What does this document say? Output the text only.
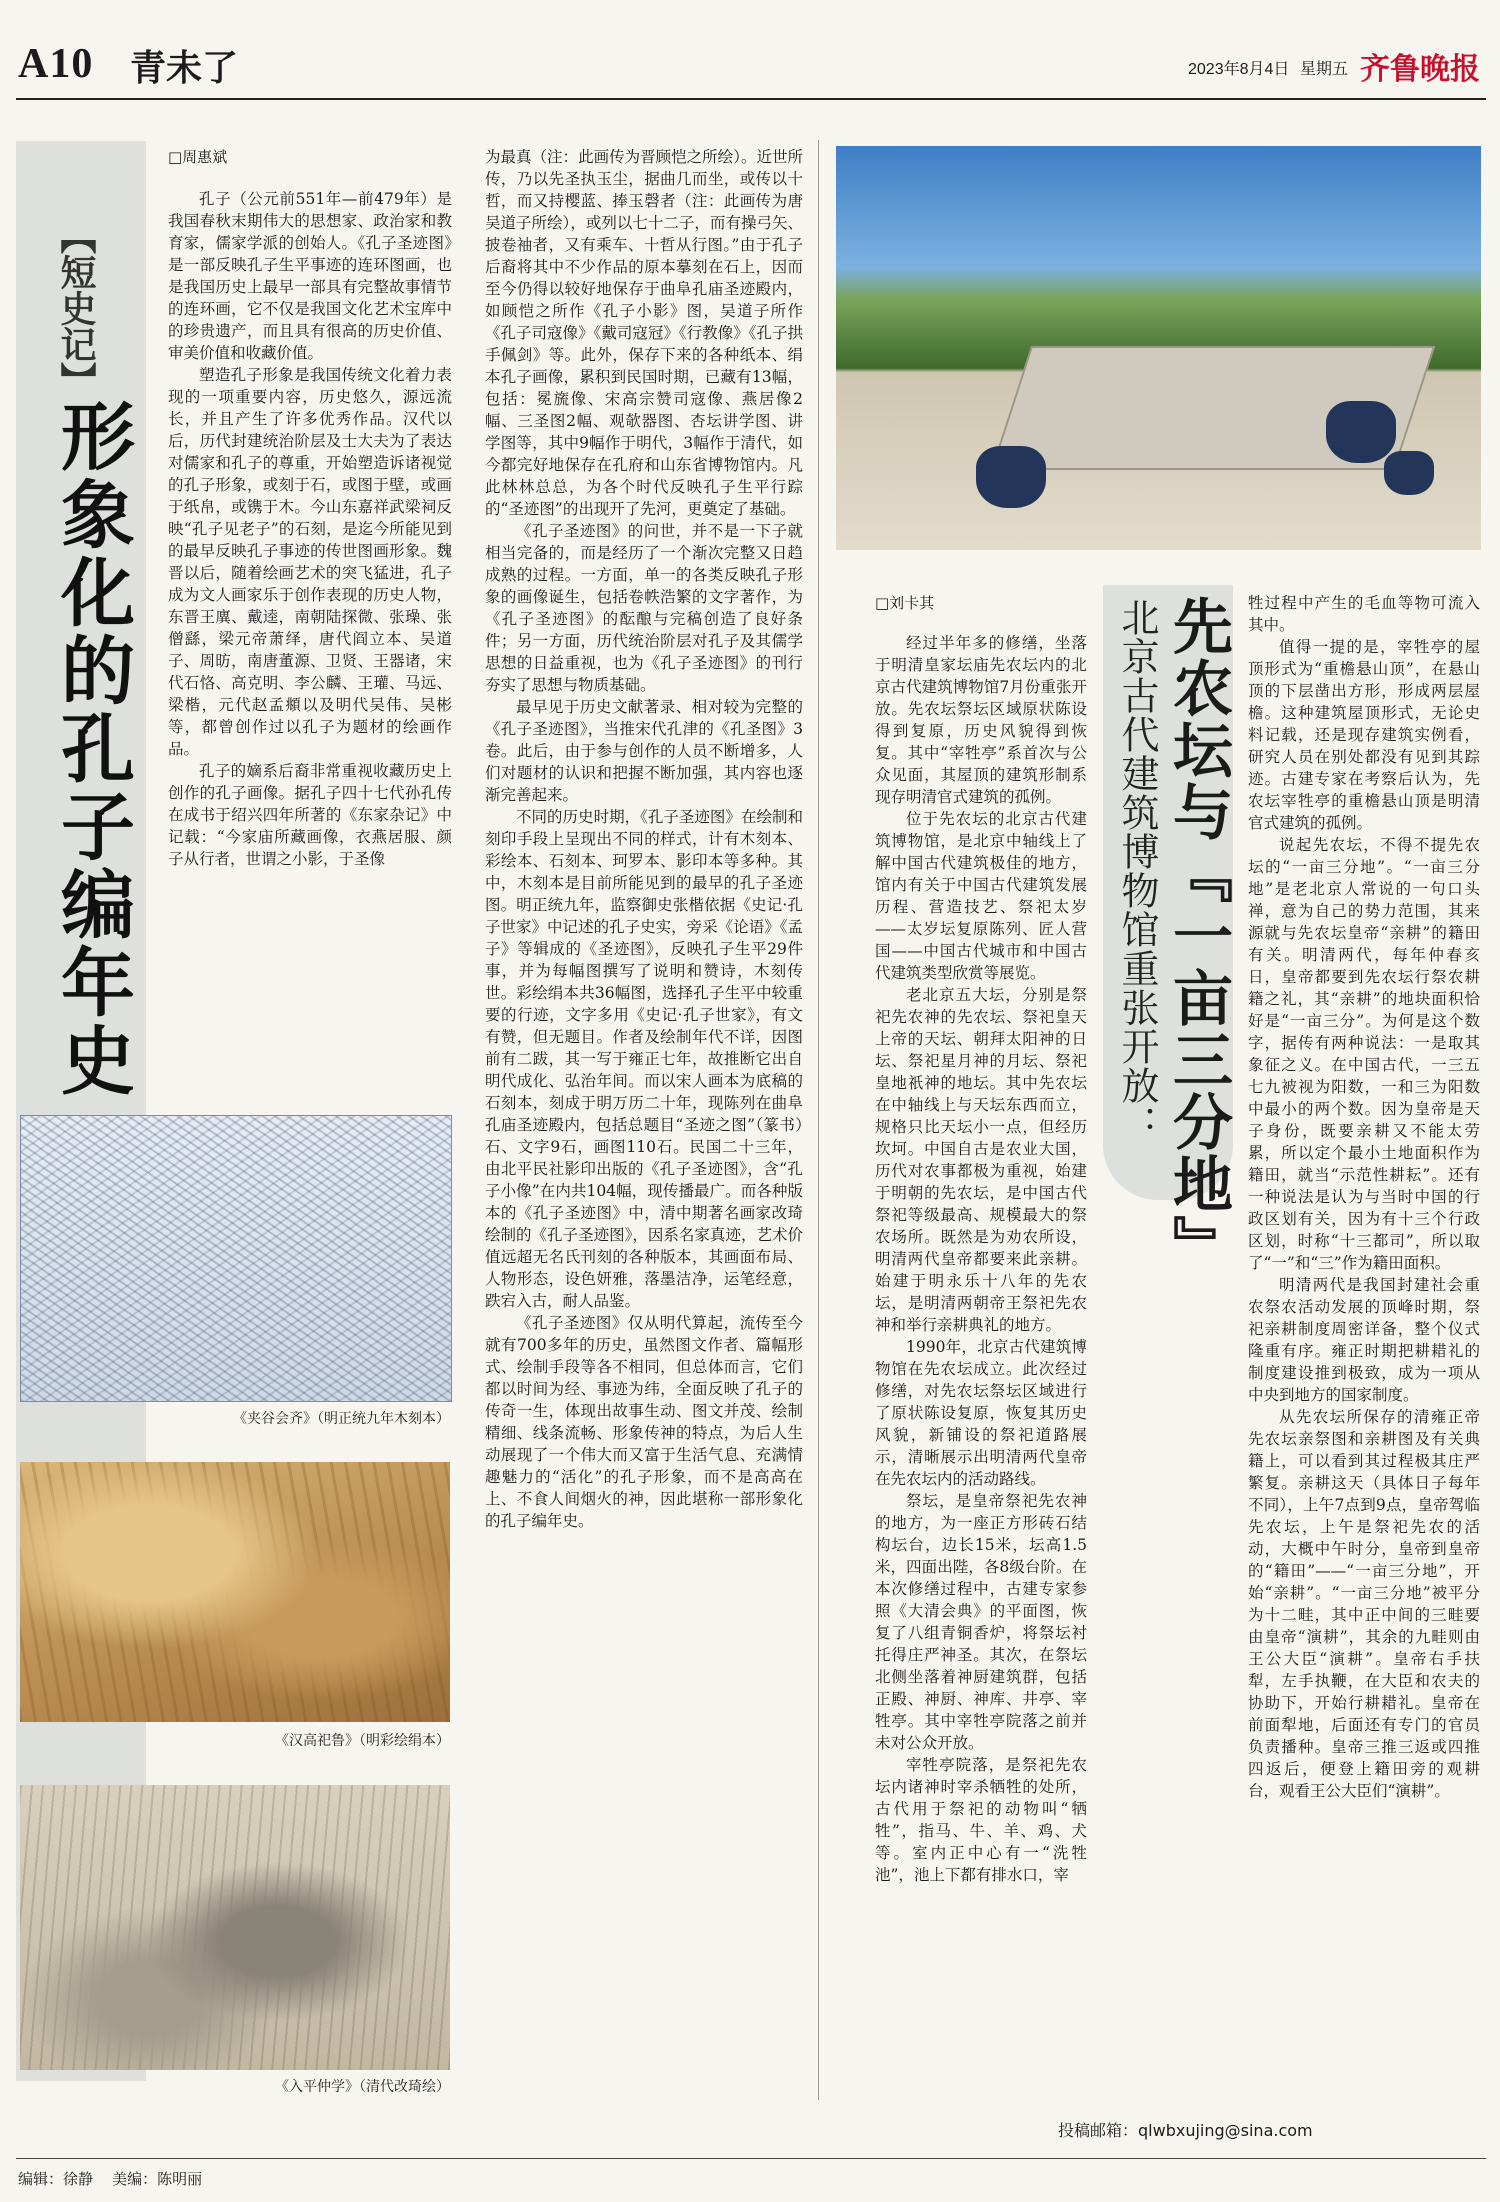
A10 青未了	2023年8月4日 星期五 齐鲁晚报
【短史记】
形象化的孔子编年史
□周惠斌

孔子（公元前551年—前479年）是我国春秋末期伟大的思想家、政治家和教育家，儒家学派的创始人。《孔子圣迹图》是一部反映孔子生平事迹的连环图画，也是我国历史上最早一部具有完整故事情节的连环画，它不仅是我国文化艺术宝库中的珍贵遗产，而且具有很高的历史价值、审美价值和收藏价值。

塑造孔子形象是我国传统文化着力表现的一项重要内容，历史悠久，源远流长，并且产生了许多优秀作品。汉代以后，历代封建统治阶层及士大夫为了表达对儒家和孔子的尊重，开始塑造诉诸视觉的孔子形象，或刻于石，或图于壁，或画于纸帛，或镌于木。今山东嘉祥武梁祠反映“孔子见老子”的石刻，是迄今所能见到的最早反映孔子事迹的传世图画形象。魏晋以后，随着绘画艺术的突飞猛进，孔子成为文人画家乐于创作表现的历史人物，东晋王廙、戴逵，南朝陆探微、张璪、张僧繇，梁元帝萧绎，唐代阎立本、吴道子、周昉，南唐董源、卫贤、王器诸，宋代石恪、高克明、李公麟、王瓘、马远、梁楷，元代赵孟頫以及明代吴伟、吴彬等，都曾创作过以孔子为题材的绘画作品。

孔子的嫡系后裔非常重视收藏历史上创作的孔子画像。据孔子四十七代孙孔传在成书于绍兴四年所著的《东家杂记》中记载：“今家庙所藏画像，衣燕居服、颜子从行者，世谓之小影，于圣像

《夹谷会齐》（明正统九年木刻本）
《汉高祀鲁》（明彩绘绢本）
《入平仲学》（清代改琦绘）

为最真（注：此画传为晋顾恺之所绘）。近世所传，乃以先圣执玉尘，据曲几而坐，或传以十哲，而又持樱蓝、捧玉磬者（注：此画传为唐吴道子所绘），或列以七十二子，而有操弓矢、披卷袖者，又有乘车、十哲从行图。”由于孔子后裔将其中不少作品的原本摹刻在石上，因而至今仍得以较好地保存于曲阜孔庙圣迹殿内，如顾恺之所作《孔子小影》图，吴道子所作《孔子司寇像》《戴司寇冠》《行教像》《孔子拱手佩剑》等。此外，保存下来的各种纸本、绢本孔子画像，累积到民国时期，已藏有13幅，包括：冕旒像、宋高宗赞司寇像、燕居像2幅、三圣图2幅、观欹器图、杏坛讲学图、讲学图等，其中9幅作于明代，3幅作于清代，如今都完好地保存在孔府和山东省博物馆内。凡此林林总总，为各个时代反映孔子生平行踪的“圣迹图”的出现开了先河，更奠定了基础。

《孔子圣迹图》的问世，并不是一下子就相当完备的，而是经历了一个渐次完整又日趋成熟的过程。一方面，单一的各类反映孔子形象的画像诞生，包括卷帙浩繁的文字著作，为《孔子圣迹图》的酝酿与完稿创造了良好条件；另一方面，历代统治阶层对孔子及其儒学思想的日益重视，也为《孔子圣迹图》的刊行夯实了思想与物质基础。

最早见于历史文献著录、相对较为完整的《孔子圣迹图》，当推宋代孔津的《孔圣图》3卷。此后，由于参与创作的人员不断增多，人们对题材的认识和把握不断加强，其内容也逐渐完善起来。

不同的历史时期，《孔子圣迹图》在绘制和刻印手段上呈现出不同的样式，计有木刻本、彩绘本、石刻本、珂罗本、影印本等多种。其中，木刻本是目前所能见到的最早的孔子圣迹图。明正统九年，监察御史张楷依据《史记·孔子世家》中记述的孔子史实，旁采《论语》《孟子》等辑成的《圣迹图》，反映孔子生平29件事，并为每幅图撰写了说明和赞诗，木刻传世。彩绘绢本共36幅图，选择孔子生平中较重要的行迹，文字多用《史记·孔子世家》，有文有赞，但无题目。作者及绘制年代不详，因图前有二跋，其一写于雍正七年，故推断它出自明代成化、弘治年间。而以宋人画本为底稿的石刻本，刻成于明万历二十年，现陈列在曲阜孔庙圣迹殿内，包括总题目“圣迹之图”（篆书）石、文字9石，画图110石。民国二十三年，由北平民社影印出版的《孔子圣迹图》，含“孔子小像”在内共104幅，现传播最广。而各种版本的《孔子圣迹图》中，清中期著名画家改琦绘制的《孔子圣迹图》，因系名家真迹，艺术价值远超无名氏刊刻的各种版本，其画面布局、人物形态，设色妍雅，落墨洁净，运笔经意，跌宕入古，耐人品鉴。

《孔子圣迹图》仅从明代算起，流传至今就有700多年的历史，虽然图文作者、篇幅形式、绘制手段等各不相同，但总体而言，它们都以时间为经、事迹为纬，全面反映了孔子的传奇一生，体现出故事生动、图文并茂、绘制精细、线条流畅、形象传神的特点，为后人生动展现了一个伟大而又富于生活气息、充满情趣魅力的“活化”的孔子形象，而不是高高在上、不食人间烟火的神，因此堪称一部形象化的孔子编年史。

先农坛与『一亩三分地』
北京古代建筑博物馆重张开放：
□刘卡其

经过半年多的修缮，坐落于明清皇家坛庙先农坛内的北京古代建筑博物馆7月份重张开放。先农坛祭坛区域原状陈设得到复原，历史风貌得到恢复。其中“宰牲亭”系首次与公众见面，其屋顶的建筑形制系现存明清官式建筑的孤例。

位于先农坛的北京古代建筑博物馆，是北京中轴线上了解中国古代建筑极佳的地方，馆内有关于中国古代建筑发展历程、营造技艺、祭祀太岁——太岁坛复原陈列、匠人营国——中国古代城市和中国古代建筑类型欣赏等展览。

老北京五大坛，分别是祭祀先农神的先农坛、祭祀皇天上帝的天坛、朝拜太阳神的日坛、祭祀星月神的月坛、祭祀皇地祇神的地坛。其中先农坛在中轴线上与天坛东西而立，规格只比天坛小一点，但经历坎坷。中国自古是农业大国，历代对农事都极为重视，始建于明朝的先农坛，是中国古代祭祀等级最高、规模最大的祭农场所。既然是为劝农所设，明清两代皇帝都要来此亲耕。始建于明永乐十八年的先农坛，是明清两朝帝王祭祀先农神和举行亲耕典礼的地方。

1990年，北京古代建筑博物馆在先农坛成立。此次经过修缮，对先农坛祭坛区域进行了原状陈设复原，恢复其历史风貌，新铺设的祭祀道路展示，清晰展示出明清两代皇帝在先农坛内的活动路线。

祭坛，是皇帝祭祀先农神的地方，为一座正方形砖石结构坛台，边长15米，坛高1.5米，四面出陛，各8级台阶。在本次修缮过程中，古建专家参照《大清会典》的平面图，恢复了八组青铜香炉，将祭坛衬托得庄严神圣。其次，在祭坛北侧坐落着神厨建筑群，包括正殿、神厨、神库、井亭、宰牲亭。其中宰牲亭院落之前并未对公众开放。

宰牲亭院落，是祭祀先农坛内诸神时宰杀牺牲的处所，古代用于祭祀的动物叫“牺牲”，指马、牛、羊、鸡、犬等。室内正中心有一“洗牲池”，池上下都有排水口，宰

牲过程中产生的毛血等物可流入其中。

值得一提的是，宰牲亭的屋顶形式为“重檐悬山顶”，在悬山顶的下层凿出方形，形成两层屋檐。这种建筑屋顶形式，无论史料记载，还是现存建筑实例看，研究人员在别处都没有见到其踪迹。古建专家在考察后认为，先农坛宰牲亭的重檐悬山顶是明清官式建筑的孤例。

说起先农坛，不得不提先农坛的“一亩三分地”。“一亩三分地”是老北京人常说的一句口头禅，意为自己的势力范围，其来源就与先农坛皇帝“亲耕”的籍田有关。明清两代，每年仲春亥日，皇帝都要到先农坛行祭农耕籍之礼，其“亲耕”的地块面积恰好是“一亩三分”。为何是这个数字，据传有两种说法：一是取其象征之义。在中国古代，一三五七九被视为阳数，一和三为阳数中最小的两个数。因为皇帝是天子身份，既要亲耕又不能太劳累，所以定个最小土地面积作为籍田，就当“示范性耕耘”。还有一种说法是认为与当时中国的行政区划有关，因为有十三个行政区划，时称“十三都司”，所以取了“一”和“三”作为籍田面积。

明清两代是我国封建社会重农祭农活动发展的顶峰时期，祭祀亲耕制度周密详备，整个仪式隆重有序。雍正时期把耕耤礼的制度建设推到极致，成为一项从中央到地方的国家制度。

从先农坛所保存的清雍正帝先农坛亲祭图和亲耕图及有关典籍上，可以看到其过程极其庄严繁复。亲耕这天（具体日子每年不同），上午7点到9点，皇帝驾临先农坛，上午是祭祀先农的活动，大概中午时分，皇帝到皇帝的“籍田”——“一亩三分地”，开始“亲耕”。“一亩三分地”被平分为十二畦，其中正中间的三畦要由皇帝“演耕”，其余的九畦则由王公大臣“演耕”。皇帝右手扶犁，左手执鞭，在大臣和农夫的协助下，开始行耕耤礼。皇帝在前面犁地，后面还有专门的官员负责播种。皇帝三推三返或四推四返后，便登上籍田旁的观耕台，观看王公大臣们“演耕”。

投稿邮箱：qlwbxujing@sina.com
编辑：徐静 美编：陈明丽
